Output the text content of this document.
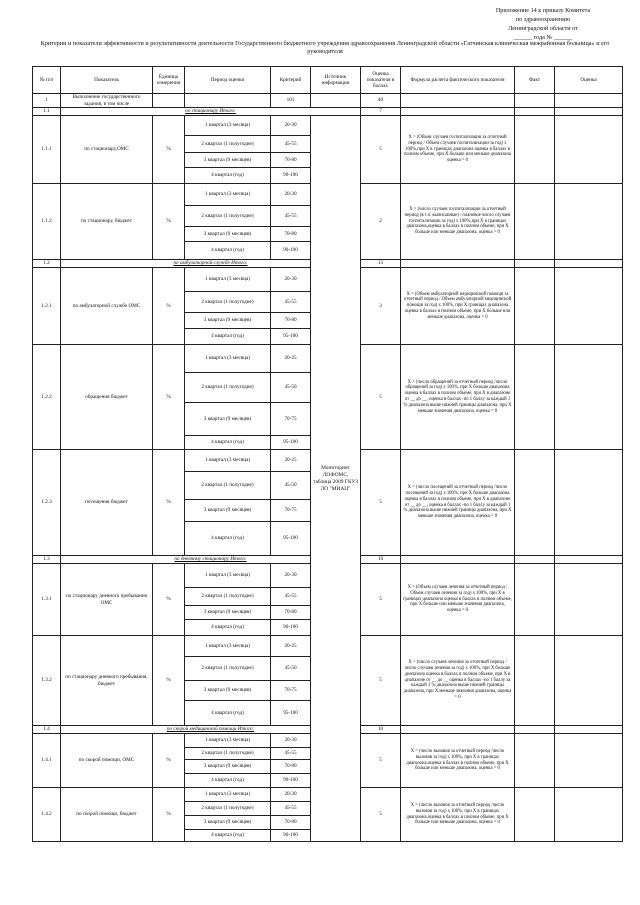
Приложение 14 к приказу Комитета
по здравоохранению
Ленинградской области от
______ года № ______
Критерии и показатели эффективности и результативности деятельности Государственного бюджетного учреждения здравоохранения Ленинградской области «Гатчинская клиническая межрайонная больница» и его руководителя
№ п/п	Показатель	Единица измерения	Период оценки	Критерий	Источник информации	Оценка показателя в баллах	Формула расчета фактического показателя	Факт	Оценка
1	Выполнение государственного задания, в том числе			101		40			
1.1	по стационару Итого:					7			
1.1.1	по стационару,ОМС	%	1 квартал (3 месяца)	20-30	Мониторинг ЛОФОМС, таблица 2009 ГКУЗ ЛО "МИАЦ"	5	X = (Объем случаев госпитализации за отчетный период / Объем случаев госпитализации за год) х 100%,при X в границах диапазона оценка в баллах в полном объеме, при X больше или меньше диапазона оценка = 0		
			2 квартал (1 полугодие)	45-55					
			3 квартал (9 месяцев)	70-80					
			4 квартал (год)	90-100					
1.1.2	по стационару, бюджет	%	1 квартал (3 месяца)	20-30		2	X = (число случаев госпитализации за отчетный период (в т.ч. выписанные) / плановое число случаев госпитализации за год) х 100%,при X в границах диапазона,оценка в баллах в полном объеме, при X больше или меньше диапазона, оценка = 0		
			2 квартал (1 полугодие)	45-55					
			3 квартал (9 месяцев)	70-80					
			4 квартал (год)	90-100					
1.2	по амбулаторной службе Итого:					13			
1.2.1	по амбулаторной службе ОМС	%	1 квартал (3 месяца)	20-30		3	X = (Объем амбулаторной медицинской помощи за отчетный период / Объем амбулаторной медицинской помощи за год) х 100%, при X границах диапазона оценка в баллах в полном объеме, при X больше или меньше диапазона, оценка = 0		
			2 квартал (1 полугодие)	45-55					
			3 квартал (9 месяцев)	70-80					
			4 квартал (год)	95-100					
1.2.2	обращения бюджет	%	1 квартал (3 месяца)	20-25		5	X = (число обращений за отчетный период /число обращений за год) х 100%, при X больше диапазона оценка в баллах в полном объеме, при X в диапазоне от __ до __, оценка в баллах -по 1 баллу за каждый 1 % диапазона выше нижней границы диапазона, при X меньше значения диапазона, оценка = 0		
			2 квартал (1 полугодие)	45-50					
			3 квартал (9 месяцев)	70-75					
			4 квартал (год)	95-100					
1.2.3	посещения бюджет	%	1 квартал (3 месяца)	20-25		5	X = (число посещений за отчетный период /число посещений за год) х 100%, при X больше диапазона оценка в баллах в полном объеме, при X в диапазоне от __ до __, оценка в баллах -по 1 баллу за каждый 1 % диапазона выше нижней границы диапазона, при X меньше значения диапазона, оценка = 0		
			2 квартал (1 полугодие)	45-50					
			3 квартал (9 месяцев)	70-75					
			4 квартал (год)	95-100					
1.3	по дневному стационару Итого:					10			
1.3.1	по стационару дневного пребывания ОМС	%	1 квартал (3 месяца)	20-30		5	X = (Объем случаев лечения за отчетный период / Объем случаев лечения за год) х 100%, при X в границах диапазона оценка в баллах в полном объеме, при X больше или меньше значения диапазона, оценка = 0		
			2 квартал (1 полугодие)	45-55					
			3 квартал (9 месяцев)	70-80					
			4 квартал (год)	90-100					
1.3.2	по стационару дневного пребывания, бюджет	%	1 квартал (3 месяца)	20-25		5	X = (число случаев лечения за отчетный период /число случаев лечения за год) х 100%, при X больше диапазона оценка в баллах в полном объеме, при X в диапазоне от __ до __ оценка в баллах -по 1 баллу за каждый 1 % диапазона выше нижней границы диапазона, при X меньше значения диапазона, оценка = 0		
			2 квартал (1 полугодие)	45-50					
			3 квартал (9 месяцев)	70-75					
			4 квартал (год)	95-100					
1.4	по скорой медицинской помощи Итого:					10			
1.4.1	по скорой помощи, ОМС	%	1 квартал (3 месяца)	20-30		5	X = (число вызовов за отчетный период /число вызовов за год) х 100%, при X в границах диапазона,оценка в баллах в полном объеме, при X больше или меньше диапазона, оценка = 0		
			2 квартал (1 полугодие)	45-55					
			3 квартал (9 месяцев)	70-80					
			4 квартал (год)	90-100					
1.4.2	по скорой помощи, бюджет	%	1 квартал (3 месяца)	20-30		5	X = (число вызовов за отчетный период /число вызовов за год) х 100%, при X в границах диапазона,оценка в баллах в полном объеме, при X больше или меньше диапазона, оценка = 0		
			2 квартал (1 полугодие)	45-55					
			3 квартал (9 месяцев)	70-80					
			4 квартал (год)	90-100					
